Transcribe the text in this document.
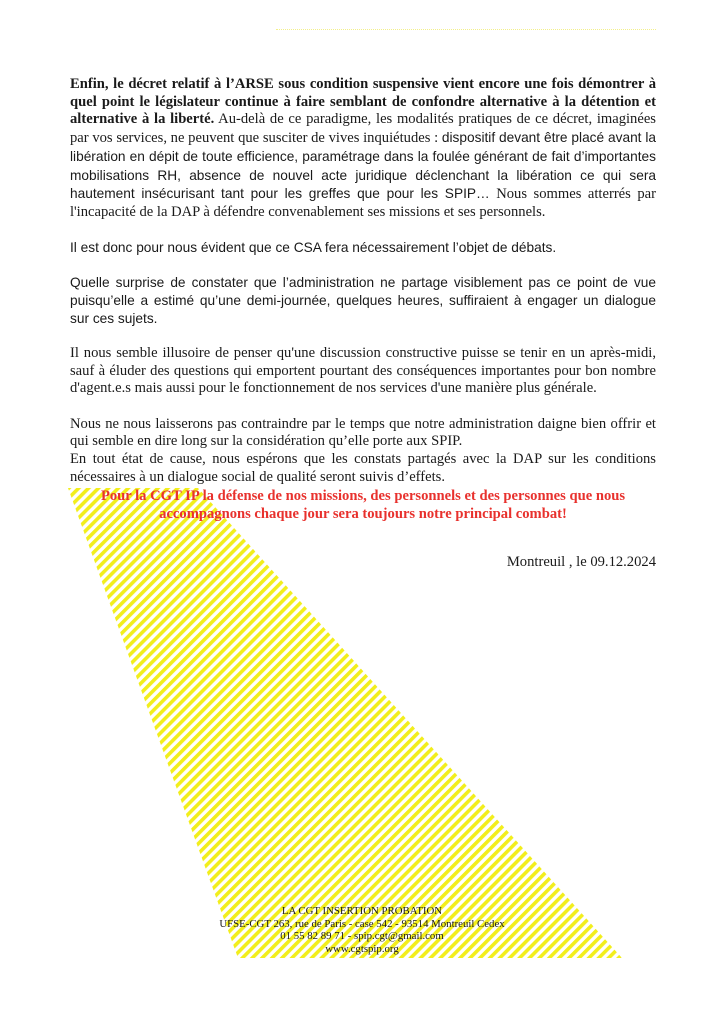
Enfin, le décret relatif à l’ARSE sous condition suspensive vient encore une fois démontrer à quel point le législateur continue à faire semblant de confondre alternative à la détention et alternative à la liberté. Au-delà de ce paradigme, les modalités pratiques de ce décret, imaginées par vos services, ne peuvent que susciter de vives inquiétudes : dispositif devant être placé avant la libération en dépit de toute efficience, paramétrage dans la foulée générant de fait d’importantes mobilisations RH, absence de nouvel acte juridique déclenchant la libération ce qui sera hautement insécurisant tant pour les greffes que pour les SPIP… Nous sommes atterrés par l'incapacité de la DAP à défendre convenablement ses missions et ses personnels.

Il est donc pour nous évident que ce CSA fera nécessairement l’objet de débats.

Quelle surprise de constater que l’administration ne partage visiblement pas ce point de vue puisqu’elle a estimé qu’une demi-journée, quelques heures, suffiraient à engager un dialogue sur ces sujets.

Il nous semble illusoire de penser qu'une discussion constructive puisse se tenir en un après-midi, sauf à éluder des questions qui emportent pourtant des conséquences importantes pour bon nombre d'agent.e.s mais aussi pour le fonctionnement de nos services d'une manière plus générale.

Nous ne nous laisserons pas contraindre par le temps que notre administration daigne bien offrir et qui semble en dire long sur la considération qu’elle porte aux SPIP.

En tout état de cause, nous espérons que les constats partagés avec la DAP sur les conditions nécessaires à un dialogue social de qualité seront suivis d’effets.

Pour la CGT IP la défense de nos missions, des personnels et des personnes que nous
accompagnons chaque jour sera toujours notre principal combat!
Montreuil , le 09.12.2024
LA CGT INSERTION PROBATION
UFSE-CGT 263, rue de Paris - case 542 - 93514 Montreuil Cedex
01 55 82 89 71 - spip.cgt@gmail.com
www.cgtspip.org
